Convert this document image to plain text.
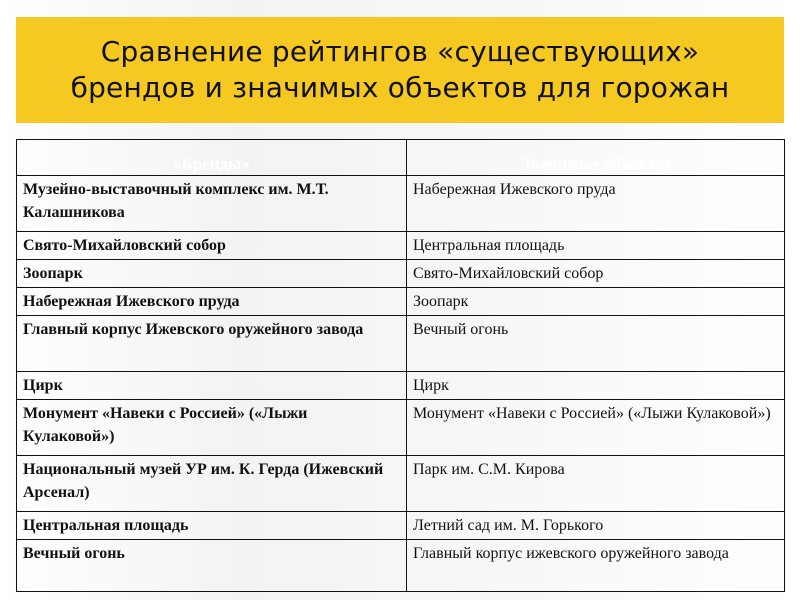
Сравнение рейтингов «существующих»
брендов и значимых объектов для горожан
«Бренды»	Значимые объекты
Музейно-выставочный комплекс им. М.Т. Калашникова	Набережная Ижевского пруда
Свято-Михайловский собор	Центральная площадь
Зоопарк	Свято-Михайловский собор
Набережная Ижевского пруда	Зоопарк
Главный корпус Ижевского оружейного завода	Вечный огонь
Цирк	Цирк
Монумент «Навеки с Россией» («Лыжи Кулаковой»)	Монумент «Навеки с Россией» («Лыжи Кулаковой»)
Национальный музей УР им. К. Герда (Ижевский Арсенал)	Парк им. С.М. Кирова
Центральная площадь	Летний сад им. М. Горького
Вечный огонь	Главный корпус ижевского оружейного завода
